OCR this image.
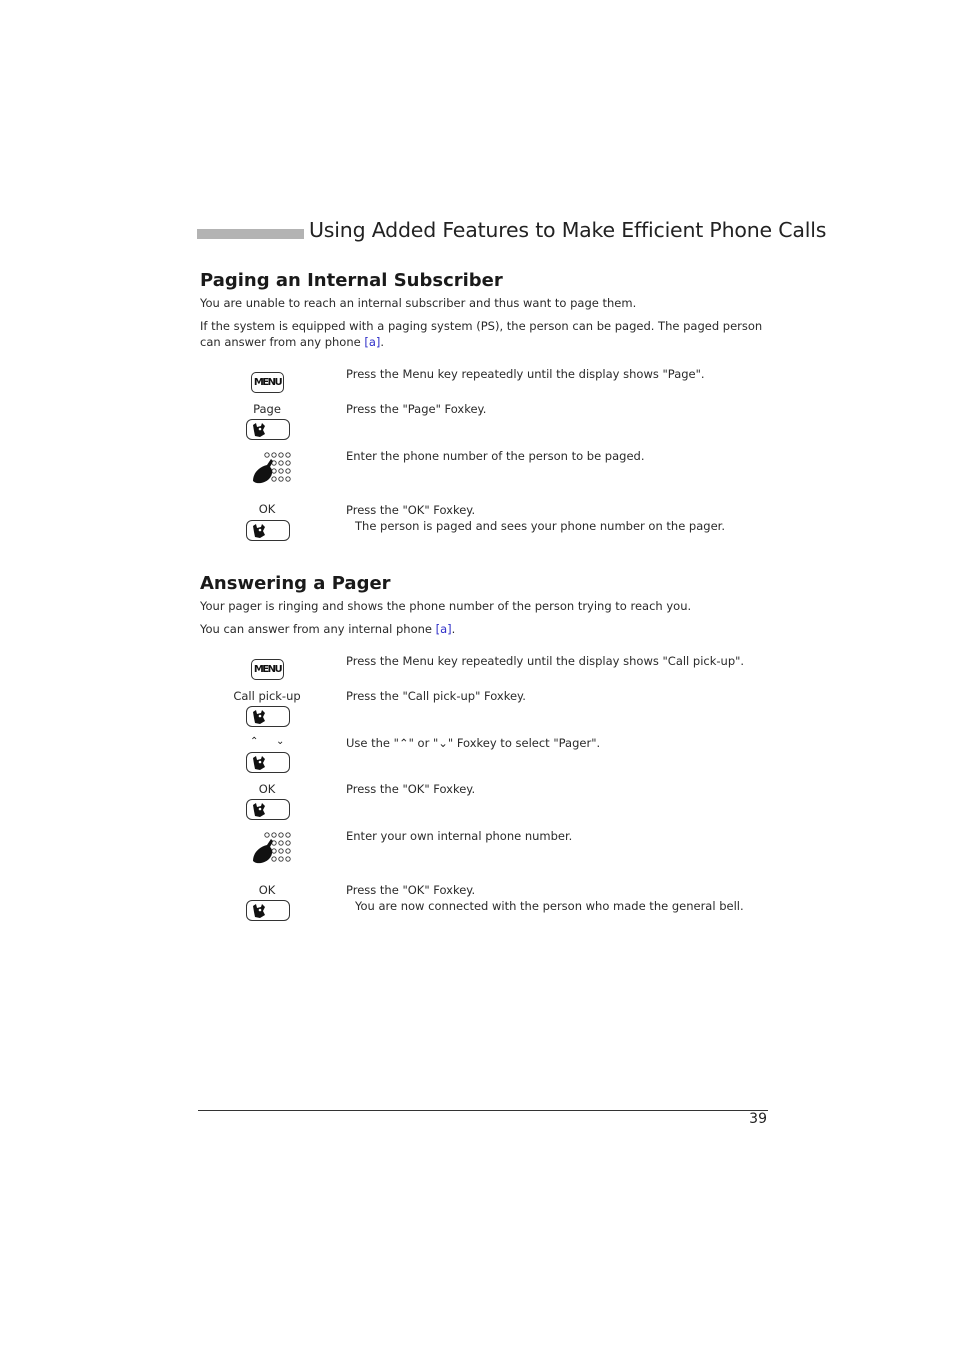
Using Added Features to Make Efficient Phone Calls
Paging an Internal Subscriber
You are unable to reach an internal subscriber and thus want to page them.
If the system is equipped with a paging system (PS), the person can be paged. The paged person can answer from any phone [a].
MENU
Press the Menu key repeatedly until the display shows "Page".
Page	Press the "Page" Foxkey.
Enter the phone number of the person to be paged.
OK	Press the "OK" Foxkey.
The person is paged and sees your phone number on the pager.
Answering a Pager
Your pager is ringing and shows the phone number of the person trying to reach you.
You can answer from any internal phone [a].
MENU
Press the Menu key repeatedly until the display shows "Call pick-up".
Call pick-up	Press the "Call pick-up" Foxkey.
⌃ ⌄	Use the "⌃" or "⌄" Foxkey to select "Pager".
OK	Press the "OK" Foxkey.
Enter your own internal phone number.
OK	Press the "OK" Foxkey.
You are now connected with the person who made the general bell.
39
